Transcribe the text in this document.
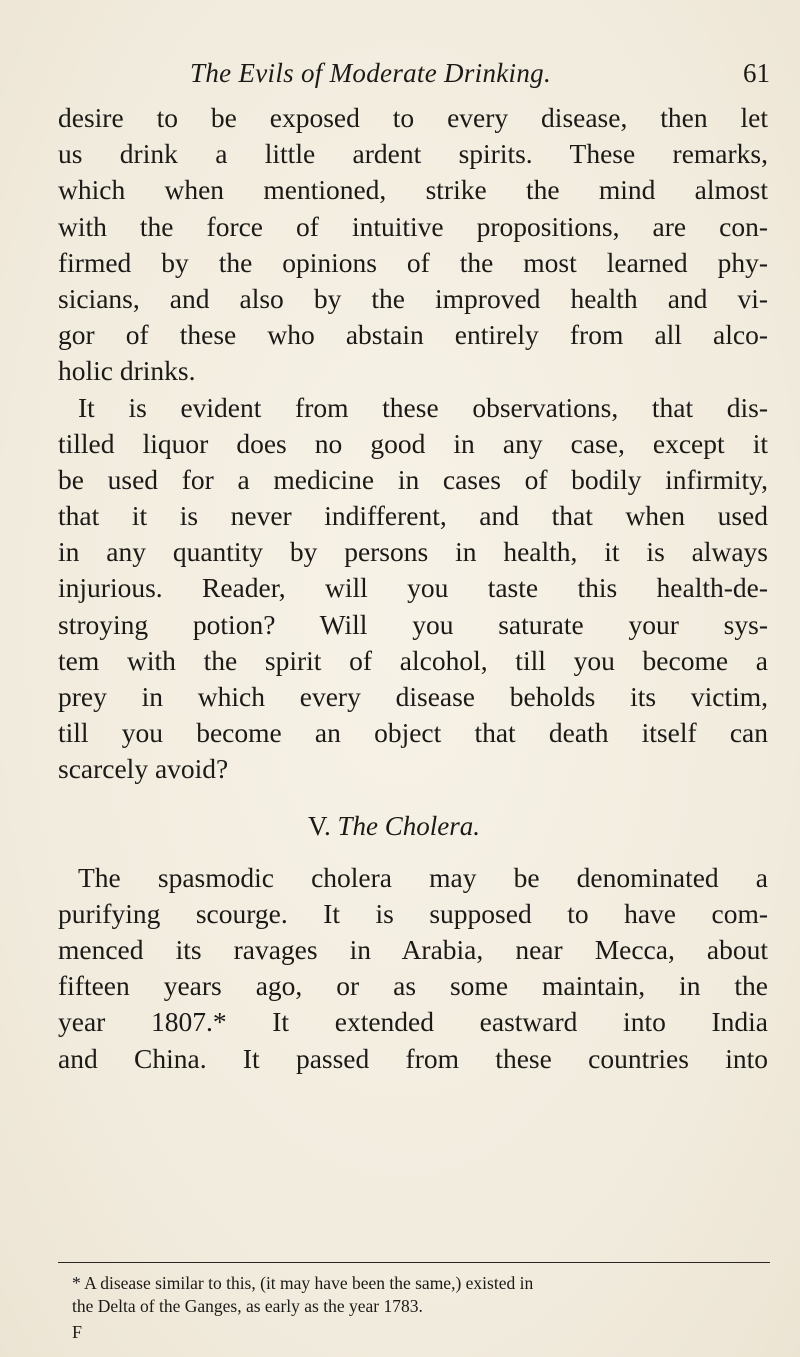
The Evils of Moderate Drinking.	61
desire to be exposed to every disease, then let
us drink a little ardent spirits. These remarks,
which when mentioned, strike the mind almost
with the force of intuitive propositions, are con-
firmed by the opinions of the most learned phy-
sicians, and also by the improved health and vi-
gor of these who abstain entirely from all alco-
holic drinks.
It is evident from these observations, that dis-
tilled liquor does no good in any case, except it
be used for a medicine in cases of bodily infirmity,
that it is never indifferent, and that when used
in any quantity by persons in health, it is always
injurious. Reader, will you taste this health-de-
stroying potion? Will you saturate your sys-
tem with the spirit of alcohol, till you become a
prey in which every disease beholds its victim,
till you become an object that death itself can
scarcely avoid?
V. The Cholera.
The spasmodic cholera may be denominated a
purifying scourge. It is supposed to have com-
menced its ravages in Arabia, near Mecca, about
fifteen years ago, or as some maintain, in the
year 1807.* It extended eastward into India
and China. It passed from these countries into
* A disease similar to this, (it may have been the same,) existed in
the Delta of the Ganges, as early as the year 1783.
F
